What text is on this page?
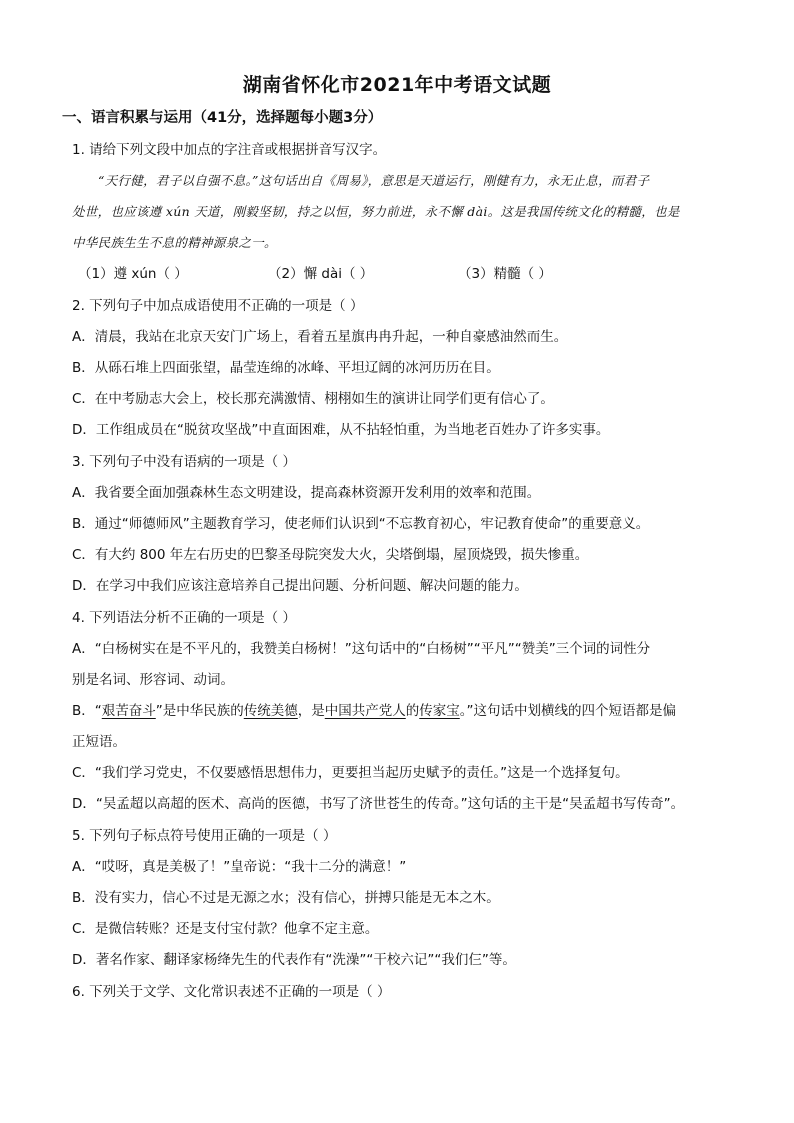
湖南省怀化市2021年中考语文试题
一、语言积累与运用（41分，选择题每小题3分）
1. 请给下列文段中加点的字注音或根据拼音写汉字。
“天行健，君子以自强不息。”这句话出自《周易》，意思是天道运行，刚健有力，永无止息，而君子
处世，也应该遵 xún 天道，刚毅坚韧，持之以恒，努力前进，永不懈 dài。这是我国传统文化的精髓，也是
中华民族生生不息的精神源泉之一。
（1）遵 xún（ ）	（2）懈 dài（ ）	（3）精髓（ ）
2. 下列句子中加点成语使用不正确的一项是（ ）
A．清晨，我站在北京天安门广场上，看着五星旗冉冉升起，一种自豪感油然而生。
B．从砾石堆上四面张望，晶莹连绵的冰峰、平坦辽阔的冰河历历在目。
C．在中考励志大会上，校长那充满激情、栩栩如生的演讲让同学们更有信心了。
D．工作组成员在“脱贫攻坚战”中直面困难，从不拈轻怕重，为当地老百姓办了许多实事。
3. 下列句子中没有语病的一项是（ ）
A．我省要全面加强森林生态文明建设，提高森林资源开发利用的效率和范围。
B．通过“师德师风”主题教育学习，使老师们认识到“不忘教育初心，牢记教育使命”的重要意义。
C．有大约 800 年左右历史的巴黎圣母院突发大火，尖塔倒塌，屋顶烧毁，损失惨重。
D．在学习中我们应该注意培养自己提出问题、分析问题、解决问题的能力。
4. 下列语法分析不正确的一项是（ ）
A．“白杨树实在是不平凡的，我赞美白杨树！”这句话中的“白杨树”“平凡”“赞美”三个词的词性分
别是名词、形容词、动词。
B．“艰苦奋斗”是中华民族的传统美德，是中国共产党人的传家宝。”这句话中划横线的四个短语都是偏
正短语。
C．“我们学习党史，不仅要感悟思想伟力，更要担当起历史赋予的责任。”这是一个选择复句。
D．“吴孟超以高超的医术、高尚的医德，书写了济世苍生的传奇。”这句话的主干是“吴孟超书写传奇”。
5. 下列句子标点符号使用正确的一项是（ ）
A．“哎呀，真是美极了！”皇帝说：“我十二分的满意！”
B．没有实力，信心不过是无源之水；没有信心，拼搏只能是无本之木。
C．是微信转账？还是支付宝付款？他拿不定主意。
D．著名作家、翻译家杨绛先生的代表作有“洗澡”“干校六记”“我们仨”等。
6. 下列关于文学、文化常识表述不正确的一项是（ ）
